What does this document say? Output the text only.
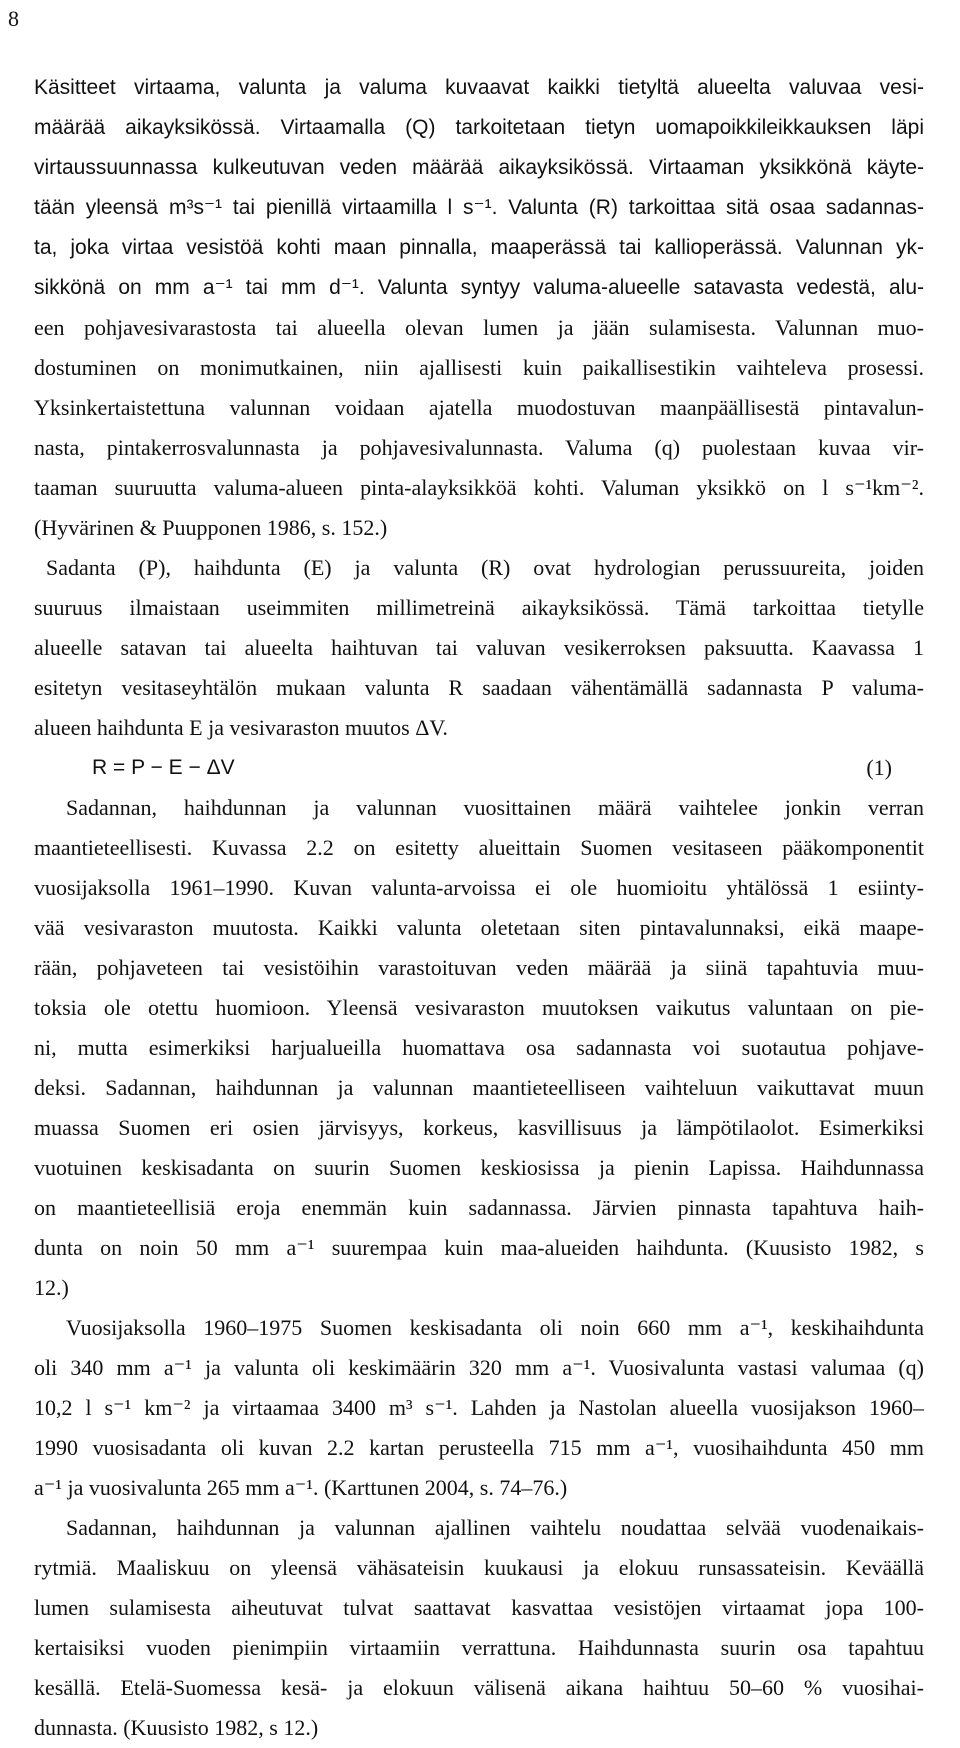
8
Käsitteet virtaama, valunta ja valuma kuvaavat kaikki tietyltä alueelta valuvaa vesi-
määrää aikayksikössä. Virtaamalla (Q) tarkoitetaan tietyn uomapoikkileikkauksen läpi
virtaussuunnassa kulkeutuvan veden määrää aikayksikössä. Virtaaman yksikkönä käyte-
tään yleensä m³s⁻¹ tai pienillä virtaamilla l s⁻¹. Valunta (R) tarkoittaa sitä osaa sadannas-
ta, joka virtaa vesistöä kohti maan pinnalla, maaperässä tai kallioperässä. Valunnan yk-
sikkönä on mm a⁻¹ tai mm d⁻¹. Valunta syntyy valuma-alueelle satavasta vedestä, alu-
een pohjavesivarastosta tai alueella olevan lumen ja jään sulamisesta. Valunnan muo-
dostuminen on monimutkainen, niin ajallisesti kuin paikallisestikin vaihteleva prosessi.
Yksinkertaistettuna valunnan voidaan ajatella muodostuvan maanpäällisestä pintavalun-
nasta, pintakerrosvalunnasta ja pohjavesivalunnasta. Valuma (q) puolestaan kuvaa vir-
taaman suuruutta valuma-alueen pinta-alayksikköä kohti. Valuman yksikkö on l s⁻¹km⁻².
(Hyvärinen & Puupponen 1986, s. 152.)
Sadanta (P), haihdunta (E) ja valunta (R) ovat hydrologian perussuureita, joiden
suuruus ilmaistaan useimmiten millimetreinä aikayksikössä. Tämä tarkoittaa tietylle
alueelle satavan tai alueelta haihtuvan tai valuvan vesikerroksen paksuutta. Kaavassa 1
esitetyn vesitaseyhtälön mukaan valunta R saadaan vähentämällä sadannasta P valuma-
alueen haihdunta E ja vesivaraston muutos ΔV.
R = P − E − ΔV	(1)
Sadannan, haihdunnan ja valunnan vuosittainen määrä vaihtelee jonkin verran
maantieteellisesti. Kuvassa 2.2 on esitetty alueittain Suomen vesitaseen pääkomponentit
vuosijaksolla 1961–1990. Kuvan valunta-arvoissa ei ole huomioitu yhtälössä 1 esiinty-
vää vesivaraston muutosta. Kaikki valunta oletetaan siten pintavalunnaksi, eikä maape-
rään, pohjaveteen tai vesistöihin varastoituvan veden määrää ja siinä tapahtuvia muu-
toksia ole otettu huomioon. Yleensä vesivaraston muutoksen vaikutus valuntaan on pie-
ni, mutta esimerkiksi harjualueilla huomattava osa sadannasta voi suotautua pohjave-
deksi. Sadannan, haihdunnan ja valunnan maantieteelliseen vaihteluun vaikuttavat muun
muassa Suomen eri osien järvisyys, korkeus, kasvillisuus ja lämpötilaolot. Esimerkiksi
vuotuinen keskisadanta on suurin Suomen keskiosissa ja pienin Lapissa. Haihdunnassa
on maantieteellisiä eroja enemmän kuin sadannassa. Järvien pinnasta tapahtuva haih-
dunta on noin 50 mm a⁻¹ suurempaa kuin maa-alueiden haihdunta. (Kuusisto 1982, s
12.)
Vuosijaksolla 1960–1975 Suomen keskisadanta oli noin 660 mm a⁻¹, keskihaihdunta
oli 340 mm a⁻¹ ja valunta oli keskimäärin 320 mm a⁻¹. Vuosivalunta vastasi valumaa (q)
10,2 l s⁻¹ km⁻² ja virtaamaa 3400 m³ s⁻¹. Lahden ja Nastolan alueella vuosijakson 1960–
1990 vuosisadanta oli kuvan 2.2 kartan perusteella 715 mm a⁻¹, vuosihaihdunta 450 mm
a⁻¹ ja vuosivalunta 265 mm a⁻¹. (Karttunen 2004, s. 74–76.)
Sadannan, haihdunnan ja valunnan ajallinen vaihtelu noudattaa selvää vuodenaikais-
rytmiä. Maaliskuu on yleensä vähäsateisin kuukausi ja elokuu runsassateisin. Keväällä
lumen sulamisesta aiheutuvat tulvat saattavat kasvattaa vesistöjen virtaamat jopa 100-
kertaisiksi vuoden pienimpiin virtaamiin verrattuna. Haihdunnasta suurin osa tapahtuu
kesällä. Etelä-Suomessa kesä- ja elokuun välisenä aikana haihtuu 50–60 % vuosihai-
dunnasta. (Kuusisto 1982, s 12.)
